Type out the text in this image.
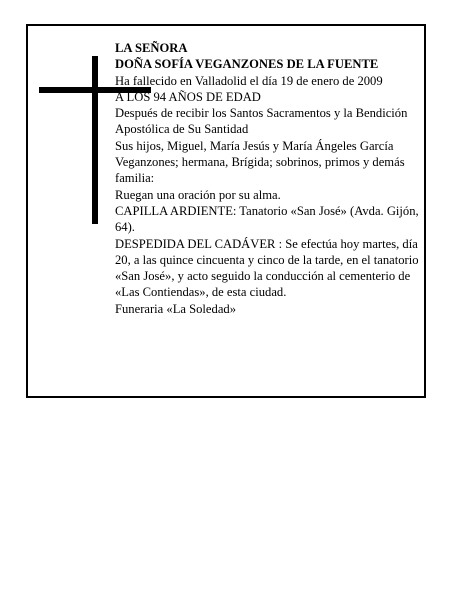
LA SEÑORA
DOÑA SOFÍA VEGANZONES DE LA FUENTE
Ha fallecido en Valladolid el día 19 de enero de 2009
A LOS 94 AÑOS DE EDAD
Después de recibir los Santos Sacramentos y la Bendición Apostólica de Su Santidad
Sus hijos, Miguel, María Jesús y María Ángeles García Veganzones; hermana, Brígida; sobrinos, primos y demás familia:
Ruegan una oración por su alma.
CAPILLA ARDIENTE: Tanatorio «San José» (Avda. Gijón, 64).
DESPEDIDA DEL CADÁVER : Se efectúa hoy martes, día 20, a las quince cincuenta y cinco de la tarde, en el tanatorio «San José», y acto seguido la conducción al cementerio de «Las Contiendas», de esta ciudad.
Funeraria «La Soledad»
